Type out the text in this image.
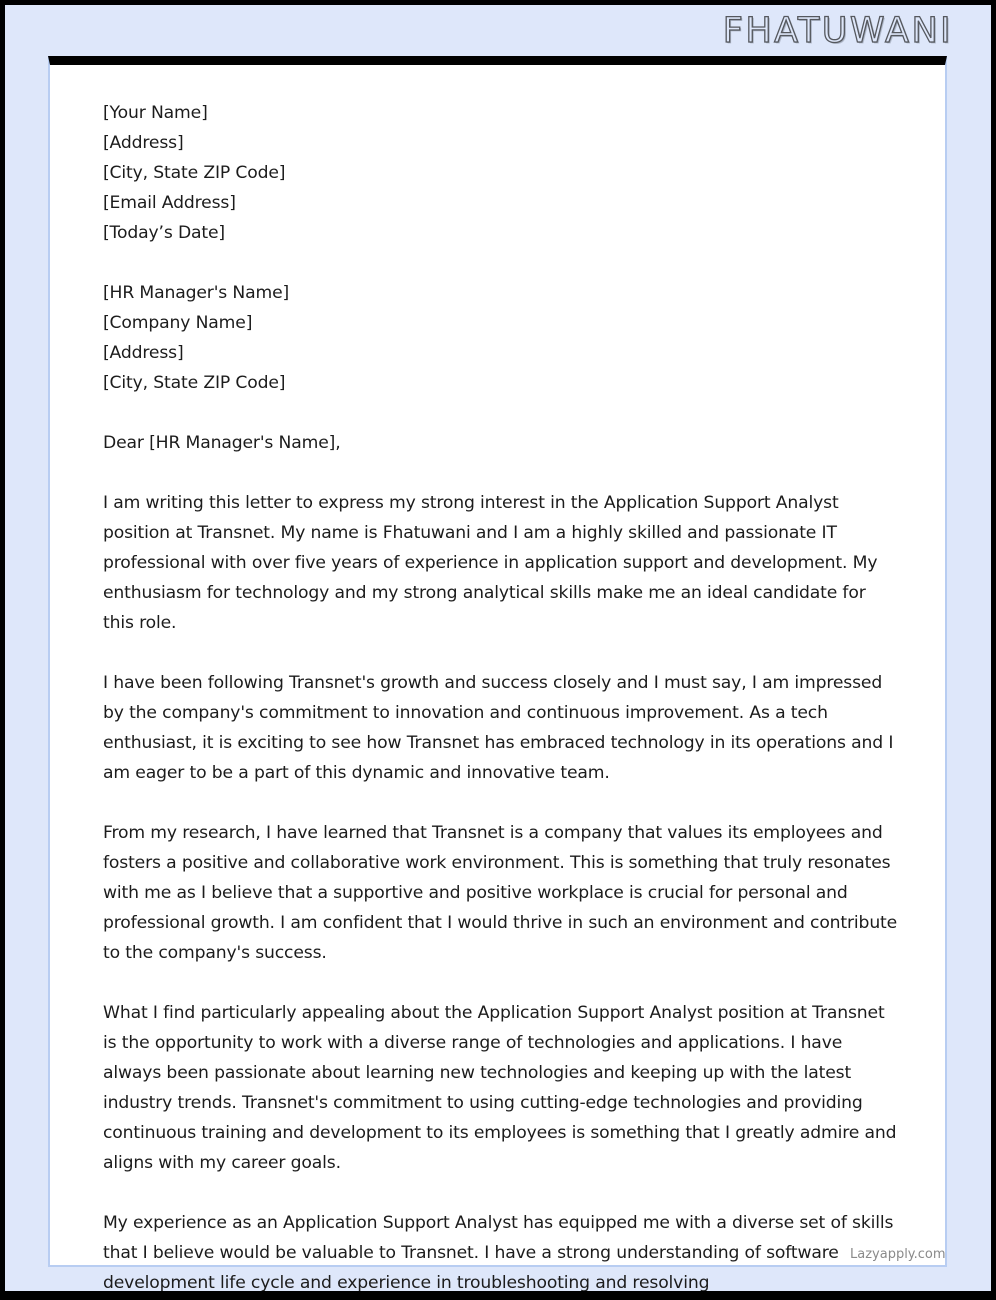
FHATUWANI
[Your Name]
[Address]
[City, State ZIP Code]
[Email Address]
[Today’s Date]
[HR Manager's Name]
[Company Name]
[Address]
[City, State ZIP Code]

Dear [HR Manager's Name],

I am writing this letter to express my strong interest in the Application Support Analyst position at Transnet. My name is Fhatuwani and I am a highly skilled and passionate IT professional with over five years of experience in application support and development. My enthusiasm for technology and my strong analytical skills make me an ideal candidate for this role.

I have been following Transnet's growth and success closely and I must say, I am impressed by the company's commitment to innovation and continuous improvement. As a tech enthusiast, it is exciting to see how Transnet has embraced technology in its operations and I am eager to be a part of this dynamic and innovative team.

From my research, I have learned that Transnet is a company that values its employees and fosters a positive and collaborative work environment. This is something that truly resonates with me as I believe that a supportive and positive workplace is crucial for personal and professional growth. I am confident that I would thrive in such an environment and contribute to the company's success.

What I find particularly appealing about the Application Support Analyst position at Transnet is the opportunity to work with a diverse range of technologies and applications. I have always been passionate about learning new technologies and keeping up with the latest industry trends. Transnet's commitment to using cutting-edge technologies and providing continuous training and development to its employees is something that I greatly admire and aligns with my career goals.

My experience as an Application Support Analyst has equipped me with a diverse set of skills that I believe would be valuable to Transnet. I have a strong understanding of software development life cycle and experience in troubleshooting and resolving

Lazyapply.com
